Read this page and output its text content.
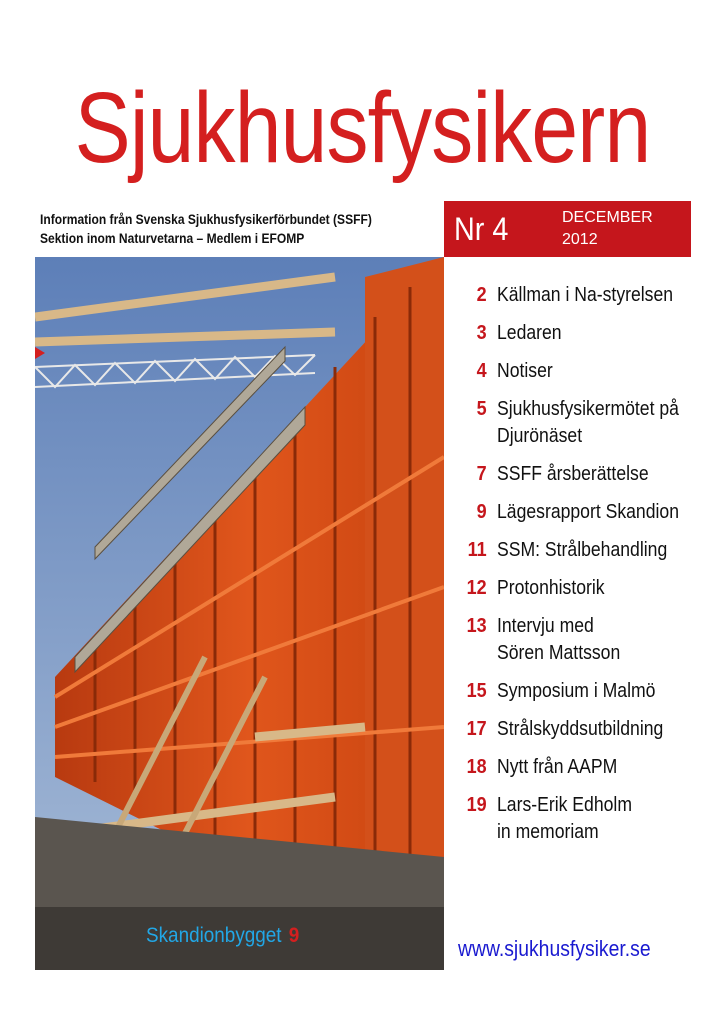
Sjukhusfysikern
Information från Svenska Sjukhusfysikerförbundet (SSFF)
Sektion inom Naturvetarna – Medlem i EFOMP	Nr 4	DECEMBER
2012
Skandionbygget 9
2 Källman i Na-styrelsen
3 Ledaren
4 Notiser
5 Sjukhusfysikermötet på
Djurönäset
7 SSFF årsberättelse
9 Lägesrapport Skandion
11 SSM: Strålbehandling
12 Protonhistorik
13 Intervju med
Sören Mattsson
15 Symposium i Malmö
17 Strålskyddsutbildning
18 Nytt från AAPM
19 Lars-Erik Edholm
in memoriam
www.sjukhusfysiker.se
